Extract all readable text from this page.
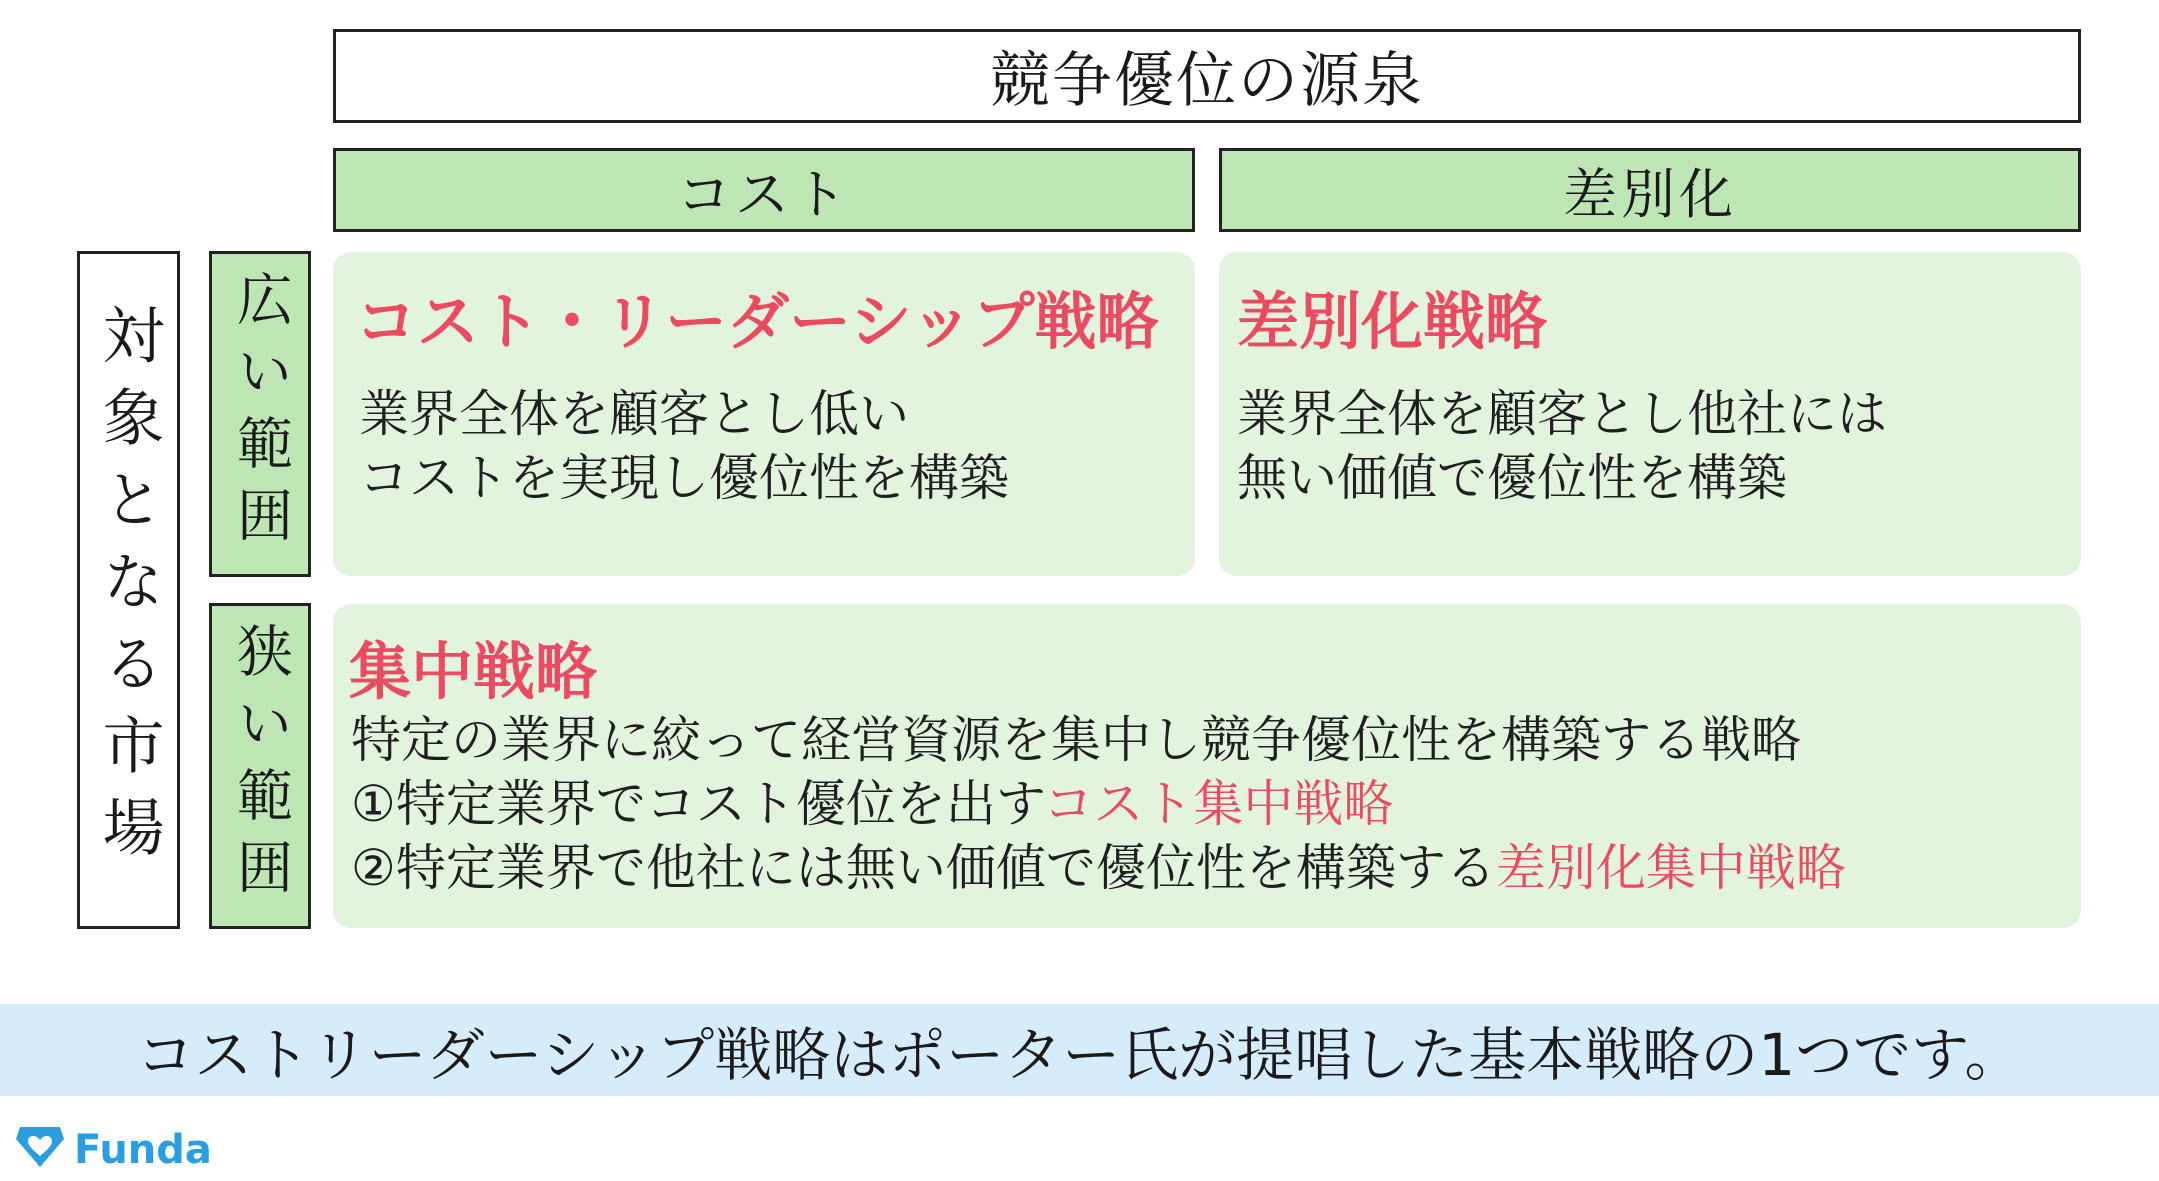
競争優位の源泉
コスト	差別化
対象となる市場 広い範囲
狭い範囲
コスト・リーダーシップ戦略
業界全体を顧客とし低い
コストを実現し優位性を構築
差別化戦略
業界全体を顧客とし他社には
無い価値で優位性を構築
集中戦略
特定の業界に絞って経営資源を集中し競争優位性を構築する戦略
①特定業界でコスト優位を出すコスト集中戦略
②特定業界で他社には無い価値で優位性を構築する差別化集中戦略
コストリーダーシップ戦略はポーター氏が提唱した基本戦略の1つです。
Funda
